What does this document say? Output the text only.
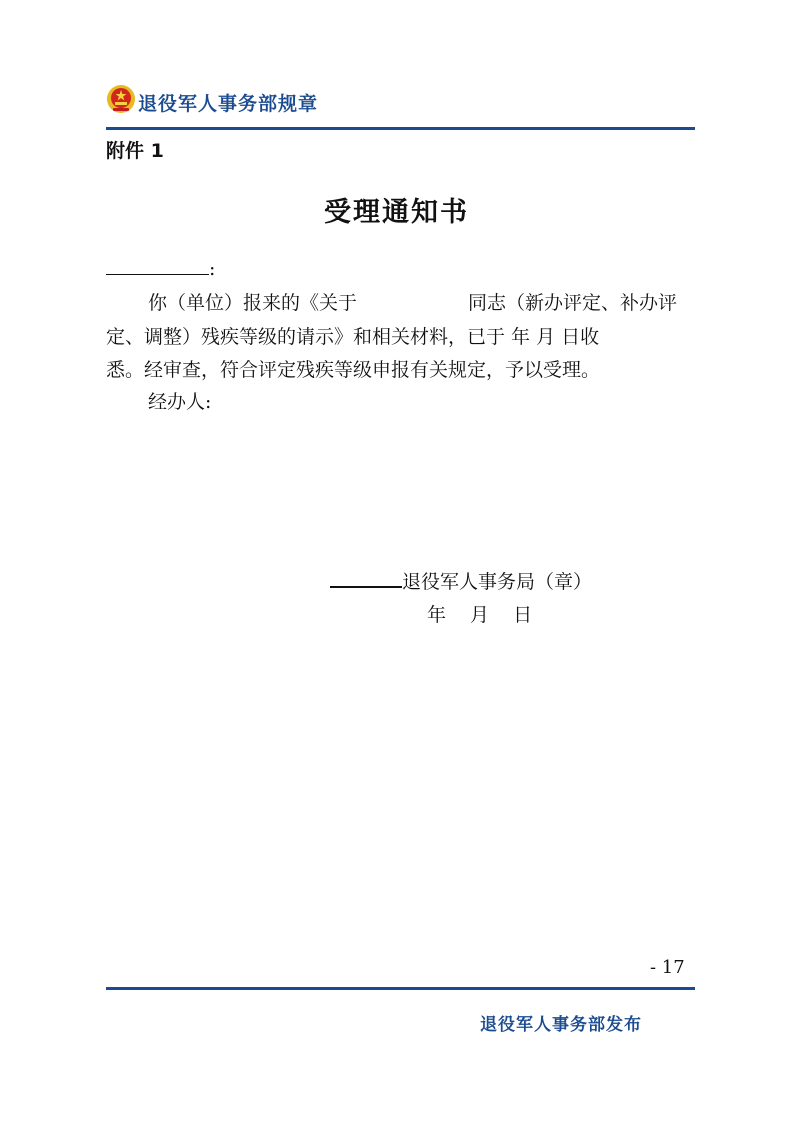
退役军人事务部规章
附件 1
受理通知书
:
你（单位）报来的《关于	同志（新办评定、补办评
定、调整）残疾等级的请示》和相关材料，已于 年 月 日收
悉。经审查，符合评定残疾等级申报有关规定，予以受理。
经办人:
退役军人事务局（章）
年 月 日
- 17
退役军人事务部发布
